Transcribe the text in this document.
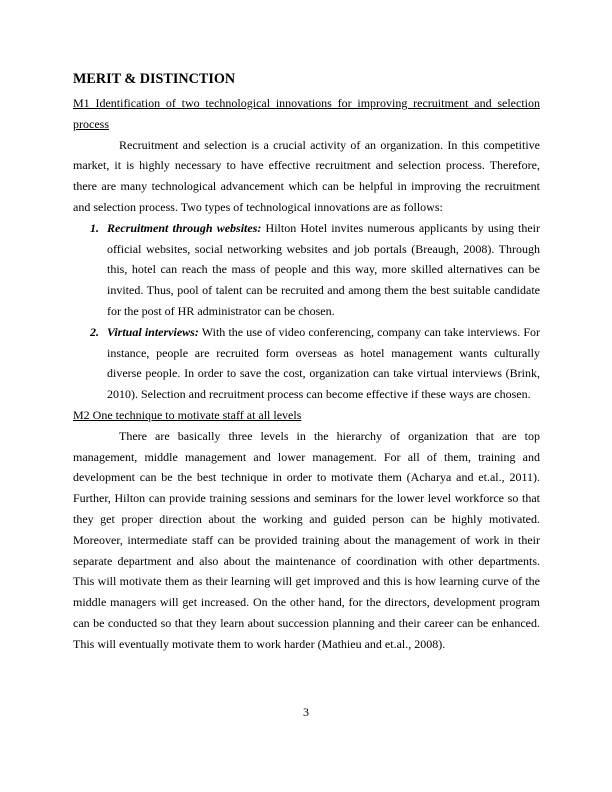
MERIT & DISTINCTION

M1 Identification of two technological innovations for improving recruitment and selection process

Recruitment and selection is a crucial activity of an organization. In this competitive market, it is highly necessary to have effective recruitment and selection process. Therefore, there are many technological advancement which can be helpful in improving the recruitment and selection process. Two types of technological innovations are as follows:

1. Recruitment through websites: Hilton Hotel invites numerous applicants by using their official websites, social networking websites and job portals (Breaugh, 2008). Through this, hotel can reach the mass of people and this way, more skilled alternatives can be invited. Thus, pool of talent can be recruited and among them the best suitable candidate for the post of HR administrator can be chosen.
2. Virtual interviews: With the use of video conferencing, company can take interviews. For instance, people are recruited form overseas as hotel management wants culturally diverse people. In order to save the cost, organization can take virtual interviews (Brink, 2010). Selection and recruitment process can become effective if these ways are chosen.

M2 One technique to motivate staff at all levels

There are basically three levels in the hierarchy of organization that are top management, middle management and lower management. For all of them, training and development can be the best technique in order to motivate them (Acharya and et.al., 2011). Further, Hilton can provide training sessions and seminars for the lower level workforce so that they get proper direction about the working and guided person can be highly motivated. Moreover, intermediate staff can be provided training about the management of work in their separate department and also about the maintenance of coordination with other departments. This will motivate them as their learning will get improved and this is how learning curve of the middle managers will get increased. On the other hand, for the directors, development program can be conducted so that they learn about succession planning and their career can be enhanced. This will eventually motivate them to work harder (Mathieu and et.al., 2008).

3
